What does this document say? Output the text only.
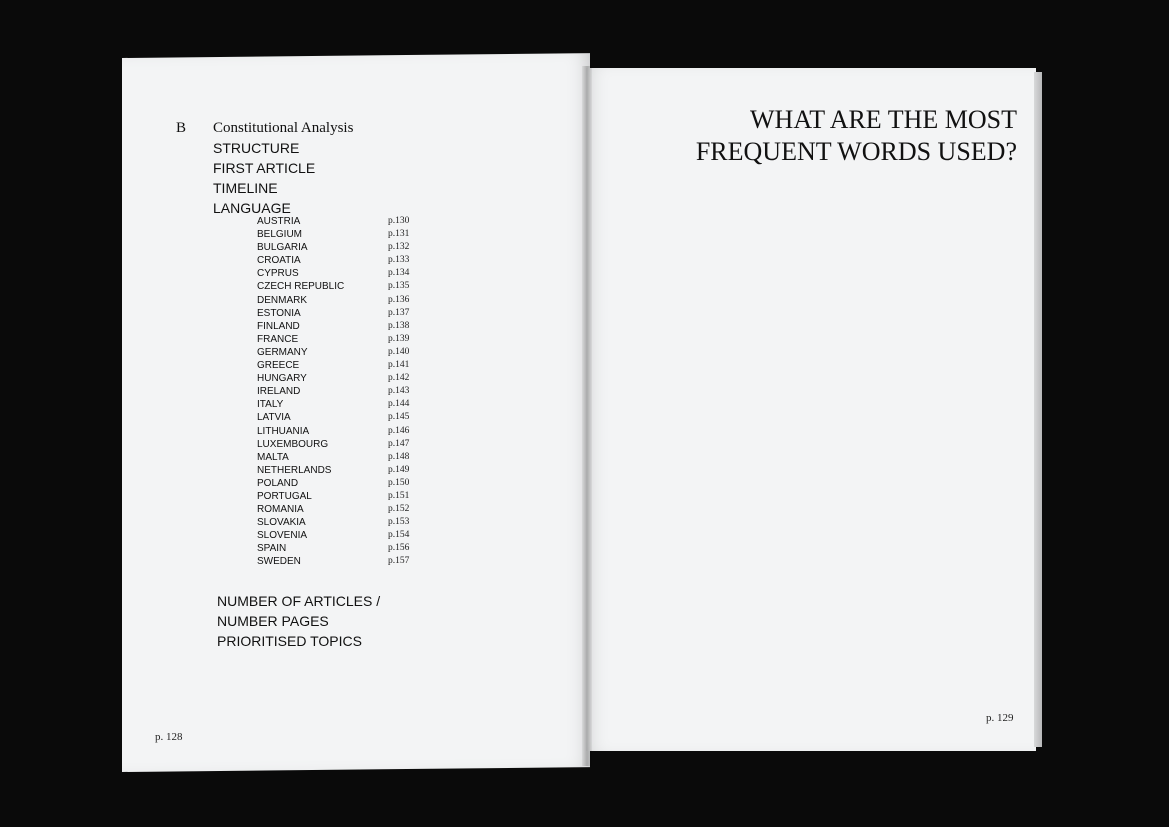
B Constitutional Analysis
STRUCTURE
FIRST ARTICLE
TIMELINE
LANGUAGE
AUSTRIA	p.130
BELGIUM	p.131
BULGARIA	p.132
CROATIA	p.133
CYPRUS	p.134
CZECH REPUBLIC	p.135
DENMARK	p.136
ESTONIA	p.137
FINLAND	p.138
FRANCE	p.139
GERMANY	p.140
GREECE	p.141
HUNGARY	p.142
IRELAND	p.143
ITALY	p.144
LATVIA	p.145
LITHUANIA	p.146
LUXEMBOURG	p.147
MALTA	p.148
NETHERLANDS	p.149
POLAND	p.150
PORTUGAL	p.151
ROMANIA	p.152
SLOVAKIA	p.153
SLOVENIA	p.154
SPAIN	p.156
SWEDEN	p.157
NUMBER OF ARTICLES /
NUMBER PAGES
PRIORITISED TOPICS
p. 128
WHAT ARE THE MOST
FREQUENT WORDS USED?
p. 129
